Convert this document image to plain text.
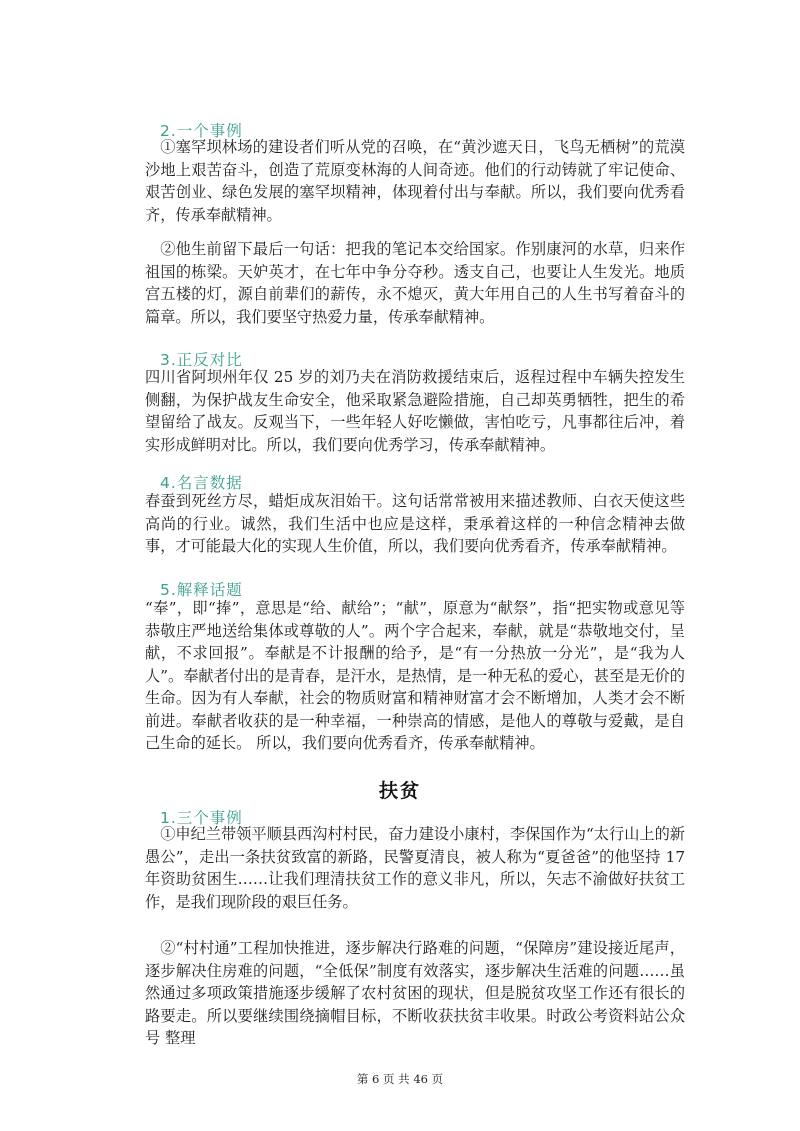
2.一个事例

①塞罕坝林场的建设者们听从党的召唤，在“黄沙遮天日，飞鸟无栖树”的荒漠沙地上艰苦奋斗，创造了荒原变林海的人间奇迹。他们的行动铸就了牢记使命、艰苦创业、绿色发展的塞罕坝精神，体现着付出与奉献。所以，我们要向优秀看齐，传承奉献精神。

②他生前留下最后一句话：把我的笔记本交给国家。作别康河的水草，归来作祖国的栋梁。天妒英才，在七年中争分夺秒。透支自己，也要让人生发光。地质宫五楼的灯，源自前辈们的薪传，永不熄灭，黄大年用自己的人生书写着奋斗的篇章。所以，我们要坚守热爱力量，传承奉献精神。

3.正反对比

四川省阿坝州年仅 25 岁的刘乃夫在消防救援结束后，返程过程中车辆失控发生侧翻，为保护战友生命安全，他采取紧急避险措施，自己却英勇牺牲，把生的希望留给了战友。反观当下，一些年轻人好吃懒做，害怕吃亏，凡事都往后冲，着实形成鲜明对比。所以，我们要向优秀学习，传承奉献精神。

4.名言数据

春蚕到死丝方尽，蜡炬成灰泪始干。这句话常常被用来描述教师、白衣天使这些高尚的行业。诚然，我们生活中也应是这样，秉承着这样的一种信念精神去做事，才可能最大化的实现人生价值，所以，我们要向优秀看齐，传承奉献精神。

5.解释话题

“奉”，即“捧”，意思是“给、献给”；“献”，原意为“献祭”，指“把实物或意见等恭敬庄严地送给集体或尊敬的人”。两个字合起来，奉献，就是“恭敬地交付，呈献，不求回报”。奉献是不计报酬的给予，是“有一分热放一分光”，是“我为人人”。奉献者付出的是青春，是汗水，是热情，是一种无私的爱心，甚至是无价的生命。因为有人奉献，社会的物质财富和精神财富才会不断增加，人类才会不断前进。奉献者收获的是一种幸福，一种崇高的情感，是他人的尊敬与爱戴，是自己生命的延长。 所以，我们要向优秀看齐，传承奉献精神。

扶贫
1.三个事例

①申纪兰带领平顺县西沟村村民，奋力建设小康村，李保国作为“太行山上的新愚公”，走出一条扶贫致富的新路，民警夏清良，被人称为“夏爸爸”的他坚持 17 年资助贫困生……让我们理清扶贫工作的意义非凡，所以，矢志不渝做好扶贫工作，是我们现阶段的艰巨任务。

②“村村通”工程加快推进，逐步解决行路难的问题，“保障房”建设接近尾声，逐步解决住房难的问题，“全低保”制度有效落实，逐步解决生活难的问题……虽然通过多项政策措施逐步缓解了农村贫困的现状，但是脱贫攻坚工作还有很长的路要走。所以要继续围绕摘帽目标，不断收获扶贫丰收果。时政公考资料站公众号 整理

第 6 页 共 46 页
